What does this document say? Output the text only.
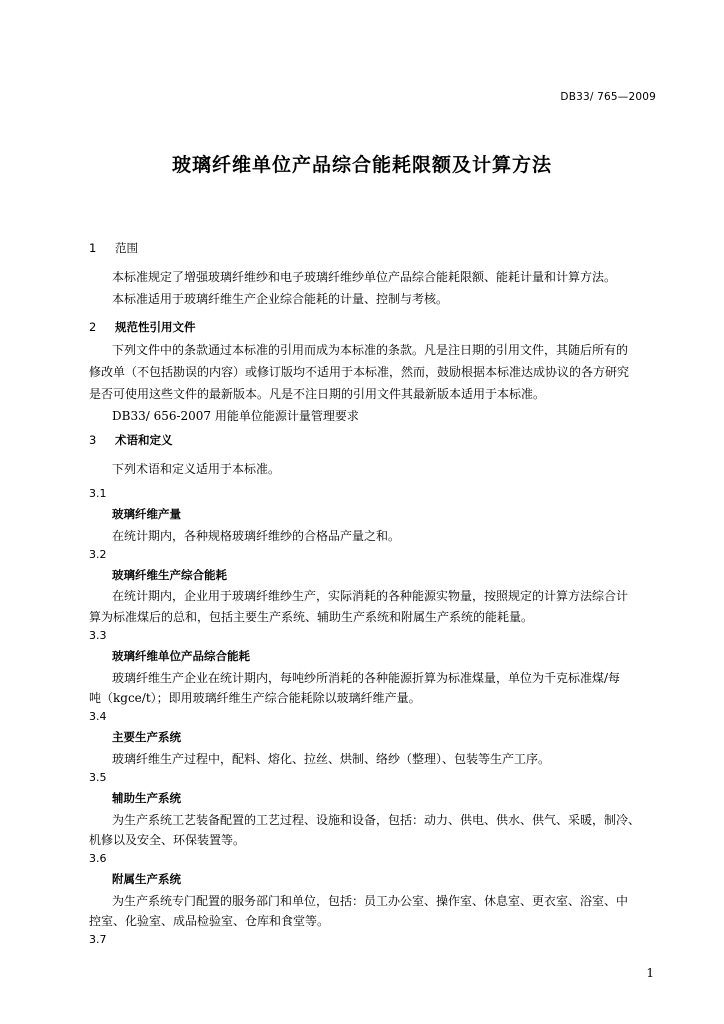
DB33/ 765—2009
玻璃纤维单位产品综合能耗限额及计算方法
1 范围
本标准规定了增强玻璃纤维纱和电子玻璃纤维纱单位产品综合能耗限额、能耗计量和计算方法。
本标准适用于玻璃纤维生产企业综合能耗的计量、控制与考核。
2 规范性引用文件
下列文件中的条款通过本标准的引用而成为本标准的条款。凡是注日期的引用文件，其随后所有的
修改单（不包括勘误的内容）或修订版均不适用于本标准，然而，鼓励根据本标准达成协议的各方研究
是否可使用这些文件的最新版本。凡是不注日期的引用文件其最新版本适用于本标准。
DB33/ 656-2007 用能单位能源计量管理要求
3 术语和定义
下列术语和定义适用于本标准。
3.1
玻璃纤维产量
在统计期内，各种规格玻璃纤维纱的合格品产量之和。
3.2
玻璃纤维生产综合能耗
在统计期内，企业用于玻璃纤维纱生产，实际消耗的各种能源实物量，按照规定的计算方法综合计
算为标准煤后的总和，包括主要生产系统、辅助生产系统和附属生产系统的能耗量。
3.3
玻璃纤维单位产品综合能耗
玻璃纤维生产企业在统计期内，每吨纱所消耗的各种能源折算为标准煤量，单位为千克标准煤/每
吨（kgce/t）；即用玻璃纤维生产综合能耗除以玻璃纤维产量。
3.4
主要生产系统
玻璃纤维生产过程中，配料、熔化、拉丝、烘制、络纱（整理）、包装等生产工序。
3.5
辅助生产系统
为生产系统工艺装备配置的工艺过程、设施和设备，包括：动力、供电、供水、供气、采暖，制冷、
机修以及安全、环保装置等。
3.6
附属生产系统
为生产系统专门配置的服务部门和单位，包括：员工办公室、操作室、休息室、更衣室、浴室、中
控室、化验室、成品检验室、仓库和食堂等。
3.7
1
